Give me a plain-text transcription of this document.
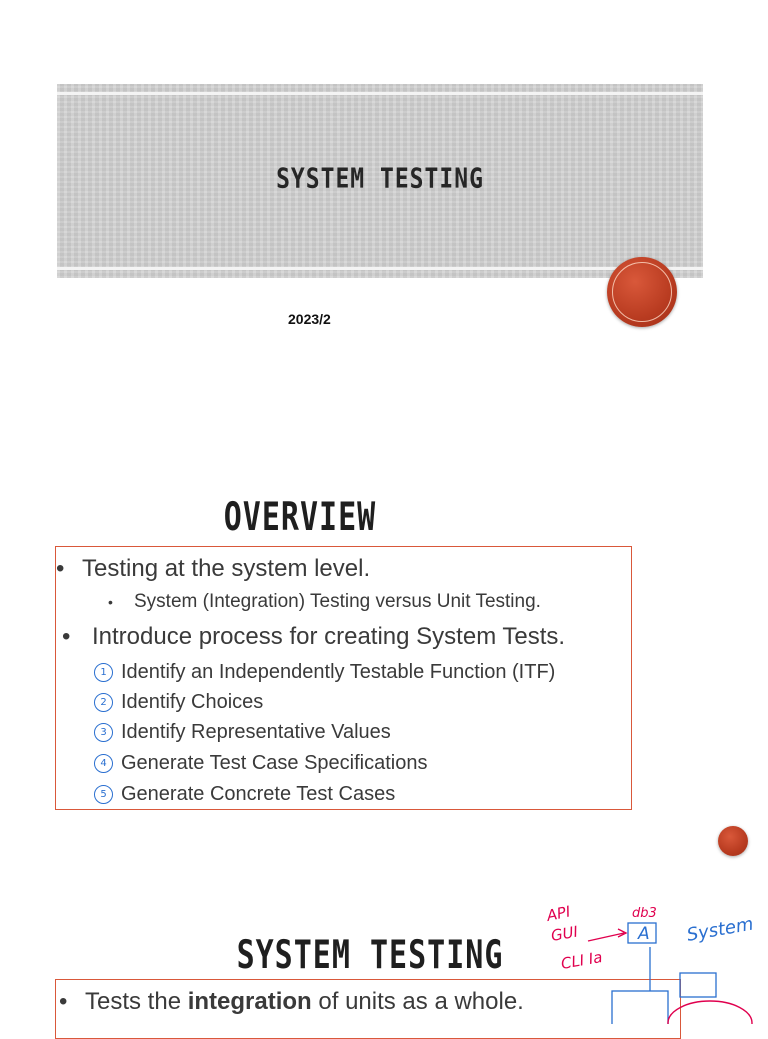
SYSTEM TESTING
2023/2
OVERVIEW
• Testing at the system level.
• System (Integration) Testing versus Unit Testing.
• Introduce process for creating System Tests.
1 Identify an Independently Testable Function (ITF)
2 Identify Choices
3 Identify Representative Values
4 Generate Test Case Specifications
5 Generate Concrete Test Cases
SYSTEM TESTING
• Tests the integration of units as a whole.
API
GUI
CLI Ia
db3
A System
